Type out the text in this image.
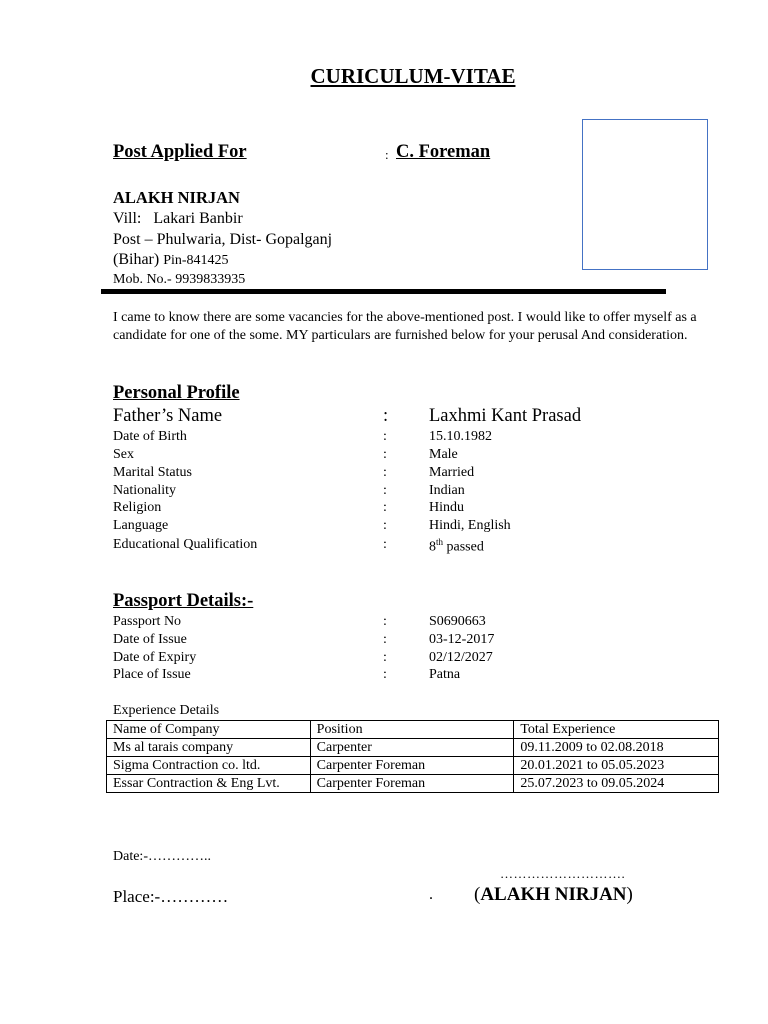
CURICULUM-VITAE
Post Applied For	: C. Foreman
ALAKH NIRJAN
Vill: Lakari Banbir
Post – Phulwaria, Dist- Gopalganj
(Bihar) Pin-841425
Mob. No.- 9939833935
I came to know there are some vacancies for the above-mentioned post. I would like to offer myself as a candidate for one of the some. MY particulars are furnished below for your perusal And consideration.
Personal Profile
Father’s Name	: Laxhmi Kant Prasad
Date of Birth	:	15.10.1982
Sex	:	Male
Marital Status	:	Married
Nationality	:	Indian
Religion	:	Hindu
Language	:	Hindi, English
Educational Qualification	:	8th passed
Passport Details:-
Passport No	:	S0690663
Date of Issue	:	03-12-2017
Date of Expiry	:	02/12/2027
Place of Issue	:	Patna
Experience Details
Name of Company	Position	Total Experience
Ms al tarais company	Carpenter	09.11.2009 to 02.08.2018
Sigma Contraction co. ltd.	Carpenter Foreman	20.01.2021 to 05.05.2023
Essar Contraction & Eng Lvt.	Carpenter Foreman	25.07.2023 to 09.05.2024
Date:-…………..
……………………….
Place:-…………	. (ALAKH NIRJAN)
